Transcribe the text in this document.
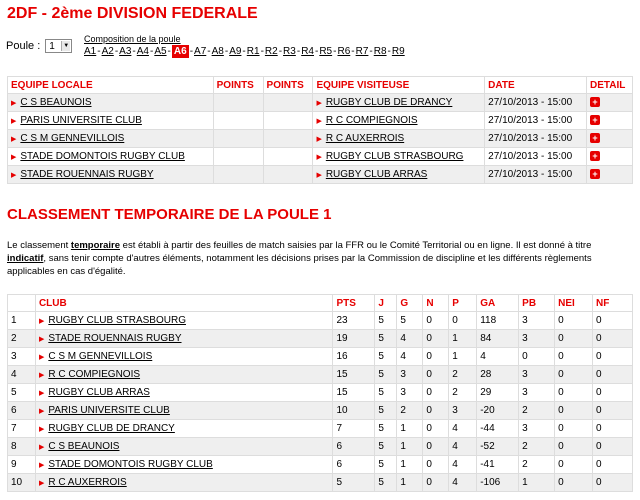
2DF - 2ème DIVISION FEDERALE
Poule : 1	▼
Composition de la poule
A1 - A2 - A3 - A4 - A5 - A6 - A7 - A8 - A9 - R1 - R2 - R3 - R4 - R5 - R6 - R7 - R8 - R9
EQUIPE LOCALE	POINTS	POINTS	EQUIPE VISITEUSE	DATE	DETAIL
▶ C S BEAUNOIS			▶ RUGBY CLUB DE DRANCY	27/10/2013 - 15:00	+
▶ PARIS UNIVERSITE CLUB			▶ R C COMPIEGNOIS	27/10/2013 - 15:00	+
▶ C S M GENNEVILLOIS			▶ R C AUXERROIS	27/10/2013 - 15:00	+
▶ STADE DOMONTOIS RUGBY CLUB			▶ RUGBY CLUB STRASBOURG	27/10/2013 - 15:00	+
▶ STADE ROUENNAIS RUGBY			▶ RUGBY CLUB ARRAS	27/10/2013 - 15:00	+
CLASSEMENT TEMPORAIRE DE LA POULE 1
Le classement temporaire est établi à partir des feuilles de match saisies par la FFR ou le Comité Territorial ou en ligne. Il est donné à titre indicatif, sans tenir compte d'autres éléments, notamment les décisions prises par la Commission de discipline et les différents règlements applicables en cas d'égalité.
	CLUB	PTS	J	G	N	P	GA	PB	NEI	NF
1	▶ RUGBY CLUB STRASBOURG	23	5	5	0	0	118	3	0	0
2	▶ STADE ROUENNAIS RUGBY	19	5	4	0	1	84	3	0	0
3	▶ C S M GENNEVILLOIS	16	5	4	0	1	4	0	0	0
4	▶ R C COMPIEGNOIS	15	5	3	0	2	28	3	0	0
5	▶ RUGBY CLUB ARRAS	15	5	3	0	2	29	3	0	0
6	▶ PARIS UNIVERSITE CLUB	10	5	2	0	3	-20	2	0	0
7	▶ RUGBY CLUB DE DRANCY	7	5	1	0	4	-44	3	0	0
8	▶ C S BEAUNOIS	6	5	1	0	4	-52	2	0	0
9	▶ STADE DOMONTOIS RUGBY CLUB	6	5	1	0	4	-41	2	0	0
10	▶ R C AUXERROIS	5	5	1	0	4	-106	1	0	0
